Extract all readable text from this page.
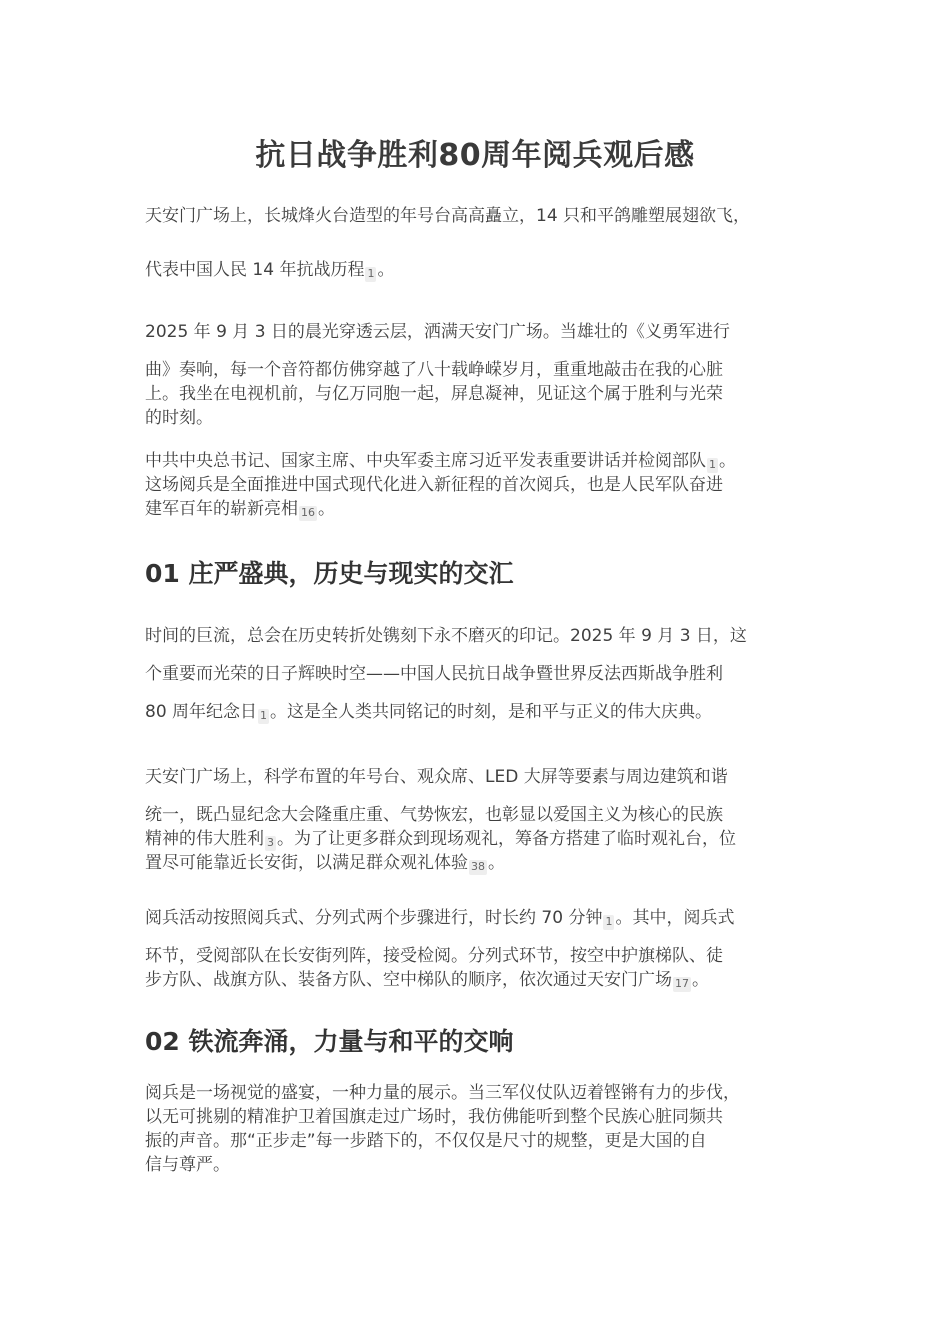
抗日战争胜利80周年阅兵观后感
天安门广场上，长城烽火台造型的年号台高高矗立，14 只和平鸽雕塑展翅欲飞，
代表中国人民 14 年抗战历程 1 。
2025 年 9 月 3 日的晨光穿透云层，洒满天安门广场。当雄壮的《义勇军进行
曲》奏响，每一个音符都仿佛穿越了八十载峥嵘岁月，重重地敲击在我的心脏
上。我坐在电视机前，与亿万同胞一起，屏息凝神，见证这个属于胜利与光荣
的时刻。
中共中央总书记、国家主席、中央军委主席习近平发表重要讲话并检阅部队 1 。
这场阅兵是全面推进中国式现代化进入新征程的首次阅兵，也是人民军队奋进
建军百年的崭新亮相 16 。
01 庄严盛典，历史与现实的交汇
时间的巨流，总会在历史转折处镌刻下永不磨灭的印记。2025 年 9 月 3 日，这
个重要而光荣的日子辉映时空——中国人民抗日战争暨世界反法西斯战争胜利
80 周年纪念日 1 。这是全人类共同铭记的时刻，是和平与正义的伟大庆典。
天安门广场上，科学布置的年号台、观众席、LED 大屏等要素与周边建筑和谐
统一，既凸显纪念大会隆重庄重、气势恢宏，也彰显以爱国主义为核心的民族
精神的伟大胜利 3 。为了让更多群众到现场观礼，筹备方搭建了临时观礼台，位
置尽可能靠近长安街，以满足群众观礼体验 38 。
阅兵活动按照阅兵式、分列式两个步骤进行，时长约 70 分钟 1 。其中，阅兵式
环节，受阅部队在长安街列阵，接受检阅。分列式环节，按空中护旗梯队、徒
步方队、战旗方队、装备方队、空中梯队的顺序，依次通过天安门广场 17 。
02 铁流奔涌，力量与和平的交响
阅兵是一场视觉的盛宴，一种力量的展示。当三军仪仗队迈着铿锵有力的步伐，
以无可挑剔的精准护卫着国旗走过广场时，我仿佛能听到整个民族心脏同频共
振的声音。那“正步走”每一步踏下的，不仅仅是尺寸的规整，更是大国的自
信与尊严。
